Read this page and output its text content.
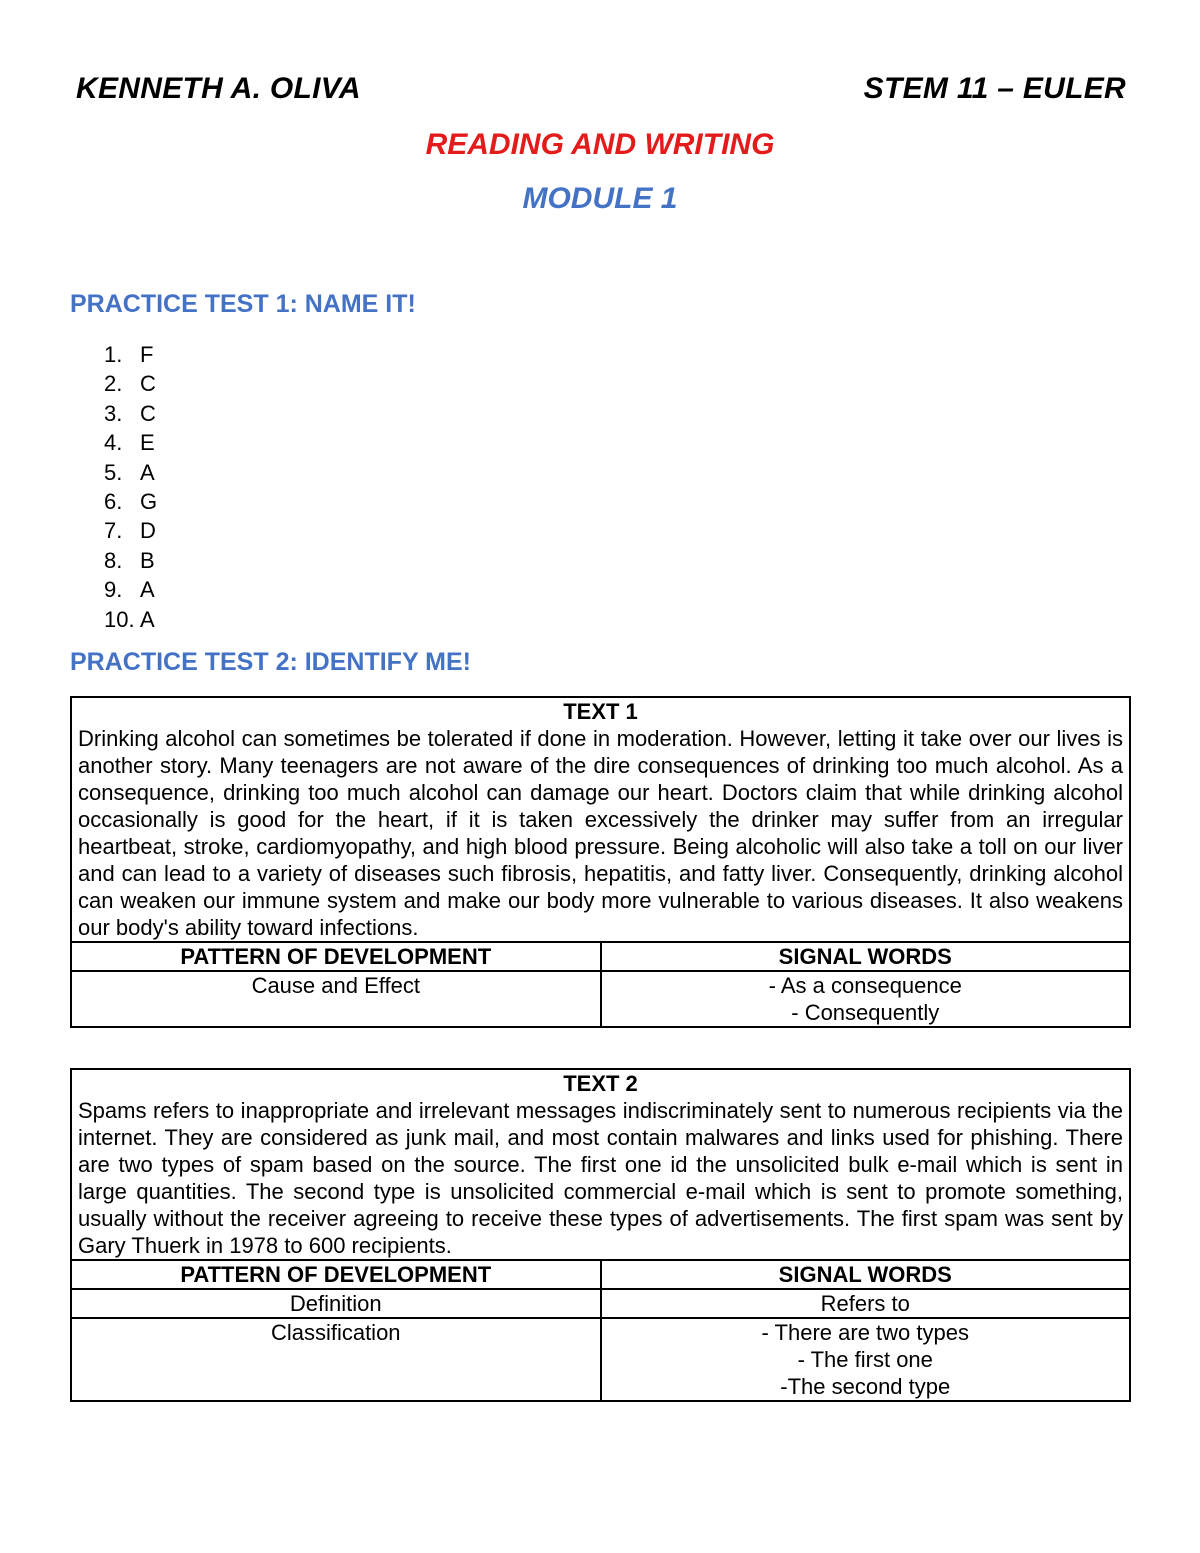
KENNETH A. OLIVA	STEM 11 – EULER
READING AND WRITING
MODULE 1
PRACTICE TEST 1: NAME IT!
1. F
2. C
3. C
4. E
5. A
6. G
7. D
8. B
9. A
10. A
PRACTICE TEST 2: IDENTIFY ME!
TEXT 1
Drinking alcohol can sometimes be tolerated if done in moderation. However, letting it take over our lives is another story. Many teenagers are not aware of the dire consequences of drinking too much alcohol. As a consequence, drinking too much alcohol can damage our heart. Doctors claim that while drinking alcohol occasionally is good for the heart, if it is taken excessively the drinker may suffer from an irregular heartbeat, stroke, cardiomyopathy, and high blood pressure. Being alcoholic will also take a toll on our liver and can lead to a variety of diseases such fibrosis, hepatitis, and fatty liver. Consequently, drinking alcohol can weaken our immune system and make our body more vulnerable to various diseases. It also weakens our body's ability toward infections.	

PATTERN OF DEVELOPMENT	SIGNAL WORDS
Cause and Effect	- As a consequence
- Consequently
TEXT 2
Spams refers to inappropriate and irrelevant messages indiscriminately sent to numerous recipients via the internet. They are considered as junk mail, and most contain malwares and links used for phishing. There are two types of spam based on the source. The first one id the unsolicited bulk e-mail which is sent in large quantities. The second type is unsolicited commercial e-mail which is sent to promote something, usually without the receiver agreeing to receive these types of advertisements. The first spam was sent by Gary Thuerk in 1978 to 600 recipients.	

PATTERN OF DEVELOPMENT	SIGNAL WORDS
Definition	Refers to

Classification	- There are two types
- The first one
-The second type
